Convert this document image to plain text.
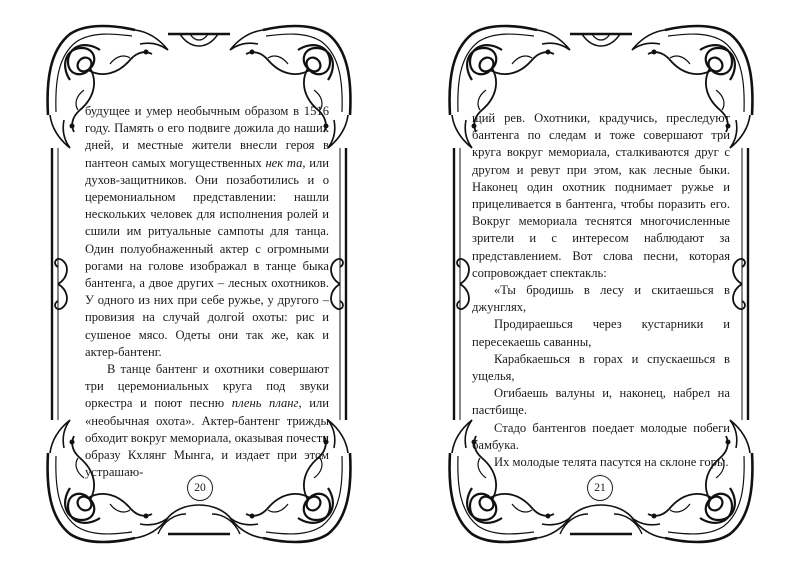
будущее и умер необычным образом в 1516 году. Память о его подвиге дожила до наших дней, и местные жители внесли героя в пантеон самых могущественных нек та, или духов-защитников. Они позаботились и о церемониальном представлении: нашли нескольких человек для исполнения ролей и сшили им ритуальные сампоты для танца. Один полуобнаженный актер с огромными рогами на голове изображал в танце быка бантенга, а двое других – лесных охотников. У одного из них при себе ружье, у другого – провизия на случай долгой охоты: рис и сушеное мясо. Одеты они так же, как и актер-бантенг.

В танце бантенг и охотники совершают три церемониальных круга под звуки оркестра и поют песню плень планг, или «необычная охота». Актер-бантенг трижды обходит вокруг мемориала, оказывая почести образу Кхлянг Мынга, и издает при этом устрашаю-

20

щий рев. Охотники, крадучись, преследуют бантенга по следам и тоже совершают три круга вокруг мемориала, сталкиваются друг с другом и ревут при этом, как лесные быки. Наконец один охотник поднимает ружье и прицеливается в бантенга, чтобы поразить его. Вокруг мемориала теснятся многочисленные зрители и с интересом наблюдают за представлением. Вот слова песни, которая сопровождает спектакль:

«Ты бродишь в лесу и скитаешься в джунглях,

Продираешься через кустарники и пересекаешь саванны,

Карабкаешься в горах и спускаешься в ущелья,

Огибаешь валуны и, наконец, набрел на пастбище.

Стадо бантенгов поедает молодые побеги бамбука.

Их молодые телята пасутся на склоне горы.

21
